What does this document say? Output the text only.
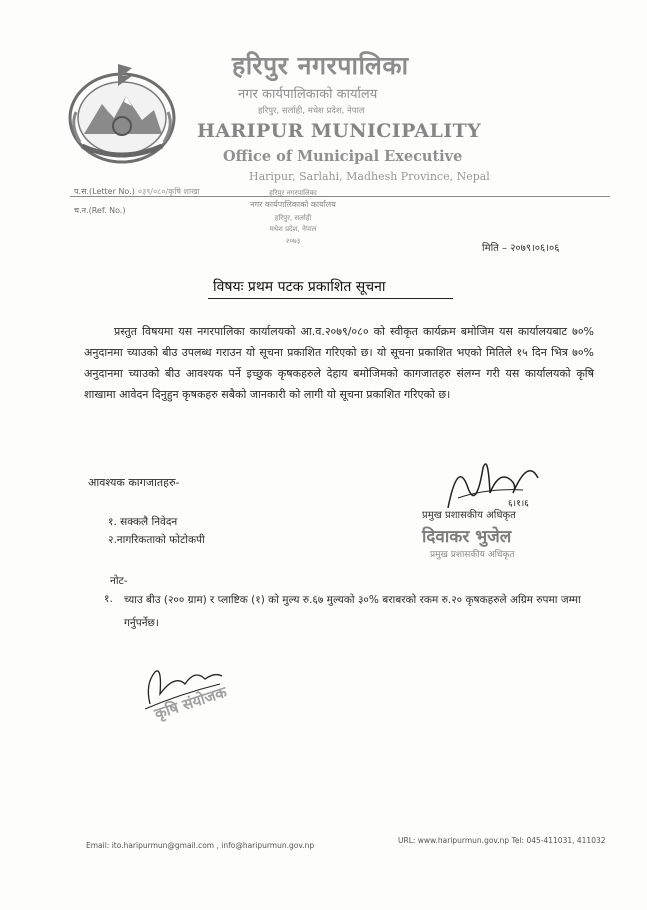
हरिपुर नगरपालिका
नगर कार्यपालिकाको कार्यालय
हरिपुर, सर्लाही, मधेश प्रदेश, नेपाल
HARIPUR MUNICIPALITY
Office of Municipal Executive
Haripur, Sarlahi, Madhesh Province, Nepal
प.स.(Letter No.) ०३९/०८०/कृषि शाखा
च.न.(Ref. No.)
हरिपुर नगरपालिका
नगर कार्यपालिकाको कार्यालय
हरिपुर, सर्लाही
मधेश प्रदेश, नेपाल
२०७३
मिति – २०७९।०६।०६
विषयः प्रथम पटक प्रकाशित सूचना
प्रस्तुत विषयमा यस नगरपालिका कार्यालयको आ.व.२०७९/०८० को स्वीकृत कार्यक्रम बमोजिम यस कार्यालयबाट ७०% अनुदानमा च्याउको बीउ उपलब्ध गराउन यो सूचना प्रकाशित गरिएको छ। यो सूचना प्रकाशित भएको मितिले १५ दिन भित्र ७०% अनुदानमा च्याउको बीउ आवश्यक पर्ने इच्छुक कृषकहरुले देहाय बमोजिमको कागजातहरु संलग्न गरी यस कार्यालयको कृषि शाखामा आवेदन दिनुहुन कृषकहरु सबैको जानकारी को लागी यो सूचना प्रकाशित गरिएको छ।
आवश्यक कागजातहरु-
१. सक्कलै निवेदन
२.नागरिकताको फोटोकपी
६।१।६
प्रमुख प्रशासकीय अधिकृत
दिवाकर भुजेल
प्रमुख प्रशासकीय अधिकृत
नोट-
१. च्याउ बीउ (२०० ग्राम) र प्लाष्टिक (१) को मुल्य रु.६७ मुल्यको ३०% बराबरको रकम रु.२० कृषकहरुले अग्रिम रुपमा जम्मा गर्नुपर्नेछ।
कृषि संयोजक
Email: ito.haripurmun@gmail.com , info@haripurmun.gov.np
URL: www.haripurmun.gov.np Tel: 045-411031, 411032
